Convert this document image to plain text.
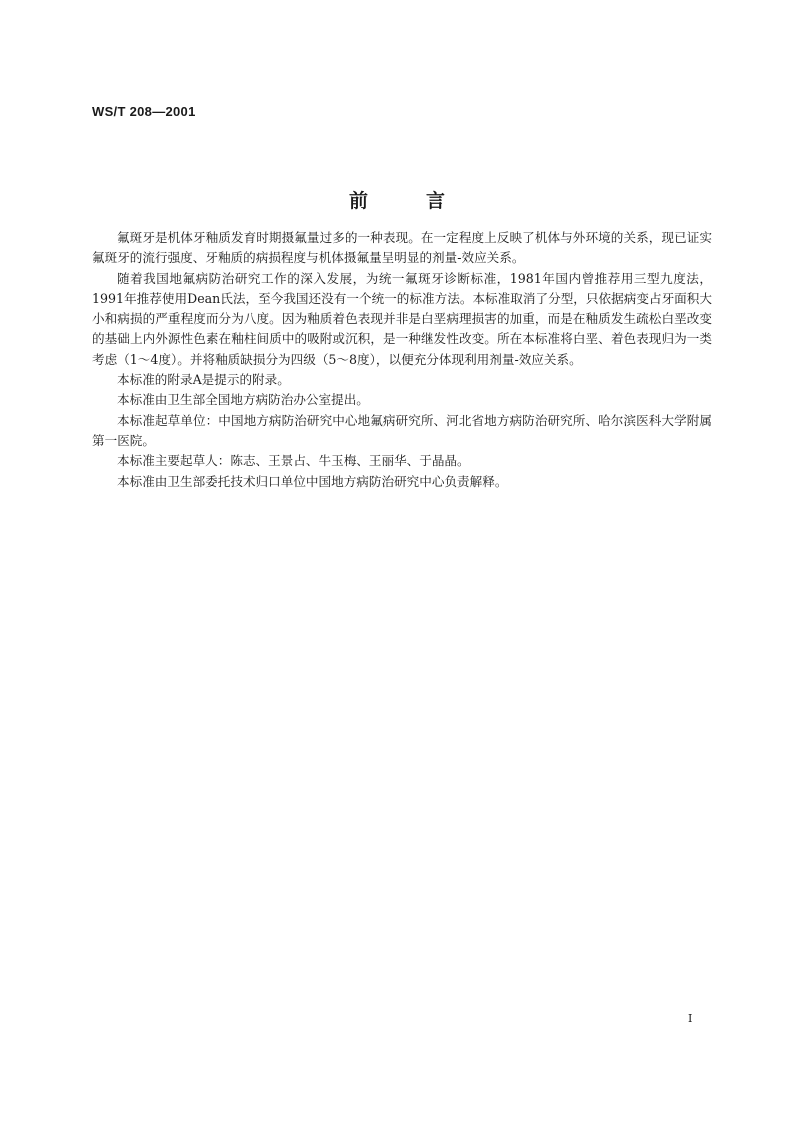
WS/T 208—2001
前言

氟斑牙是机体牙釉质发育时期摄氟量过多的一种表现。在一定程度上反映了机体与外环境的关系，现已证实氟斑牙的流行强度、牙釉质的病损程度与机体摄氟量呈明显的剂量-效应关系。

随着我国地氟病防治研究工作的深入发展，为统一氟斑牙诊断标准，1981年国内曾推荐用三型九度法，1991年推荐使用Dean氏法，至今我国还没有一个统一的标准方法。本标准取消了分型，只依据病变占牙面积大小和病损的严重程度而分为八度。因为釉质着色表现并非是白垩病理损害的加重，而是在釉质发生疏松白垩改变的基础上内外源性色素在釉柱间质中的吸附或沉积，是一种继发性改变。所在本标准将白垩、着色表现归为一类考虑（1～4度）。并将釉质缺损分为四级（5～8度），以便充分体现利用剂量-效应关系。

本标准的附录A是提示的附录。

本标准由卫生部全国地方病防治办公室提出。

本标准起草单位：中国地方病防治研究中心地氟病研究所、河北省地方病防治研究所、哈尔滨医科大学附属第一医院。

本标准主要起草人：陈志、王景占、牛玉梅、王丽华、于晶晶。

本标准由卫生部委托技术归口单位中国地方病防治研究中心负责解释。

I
